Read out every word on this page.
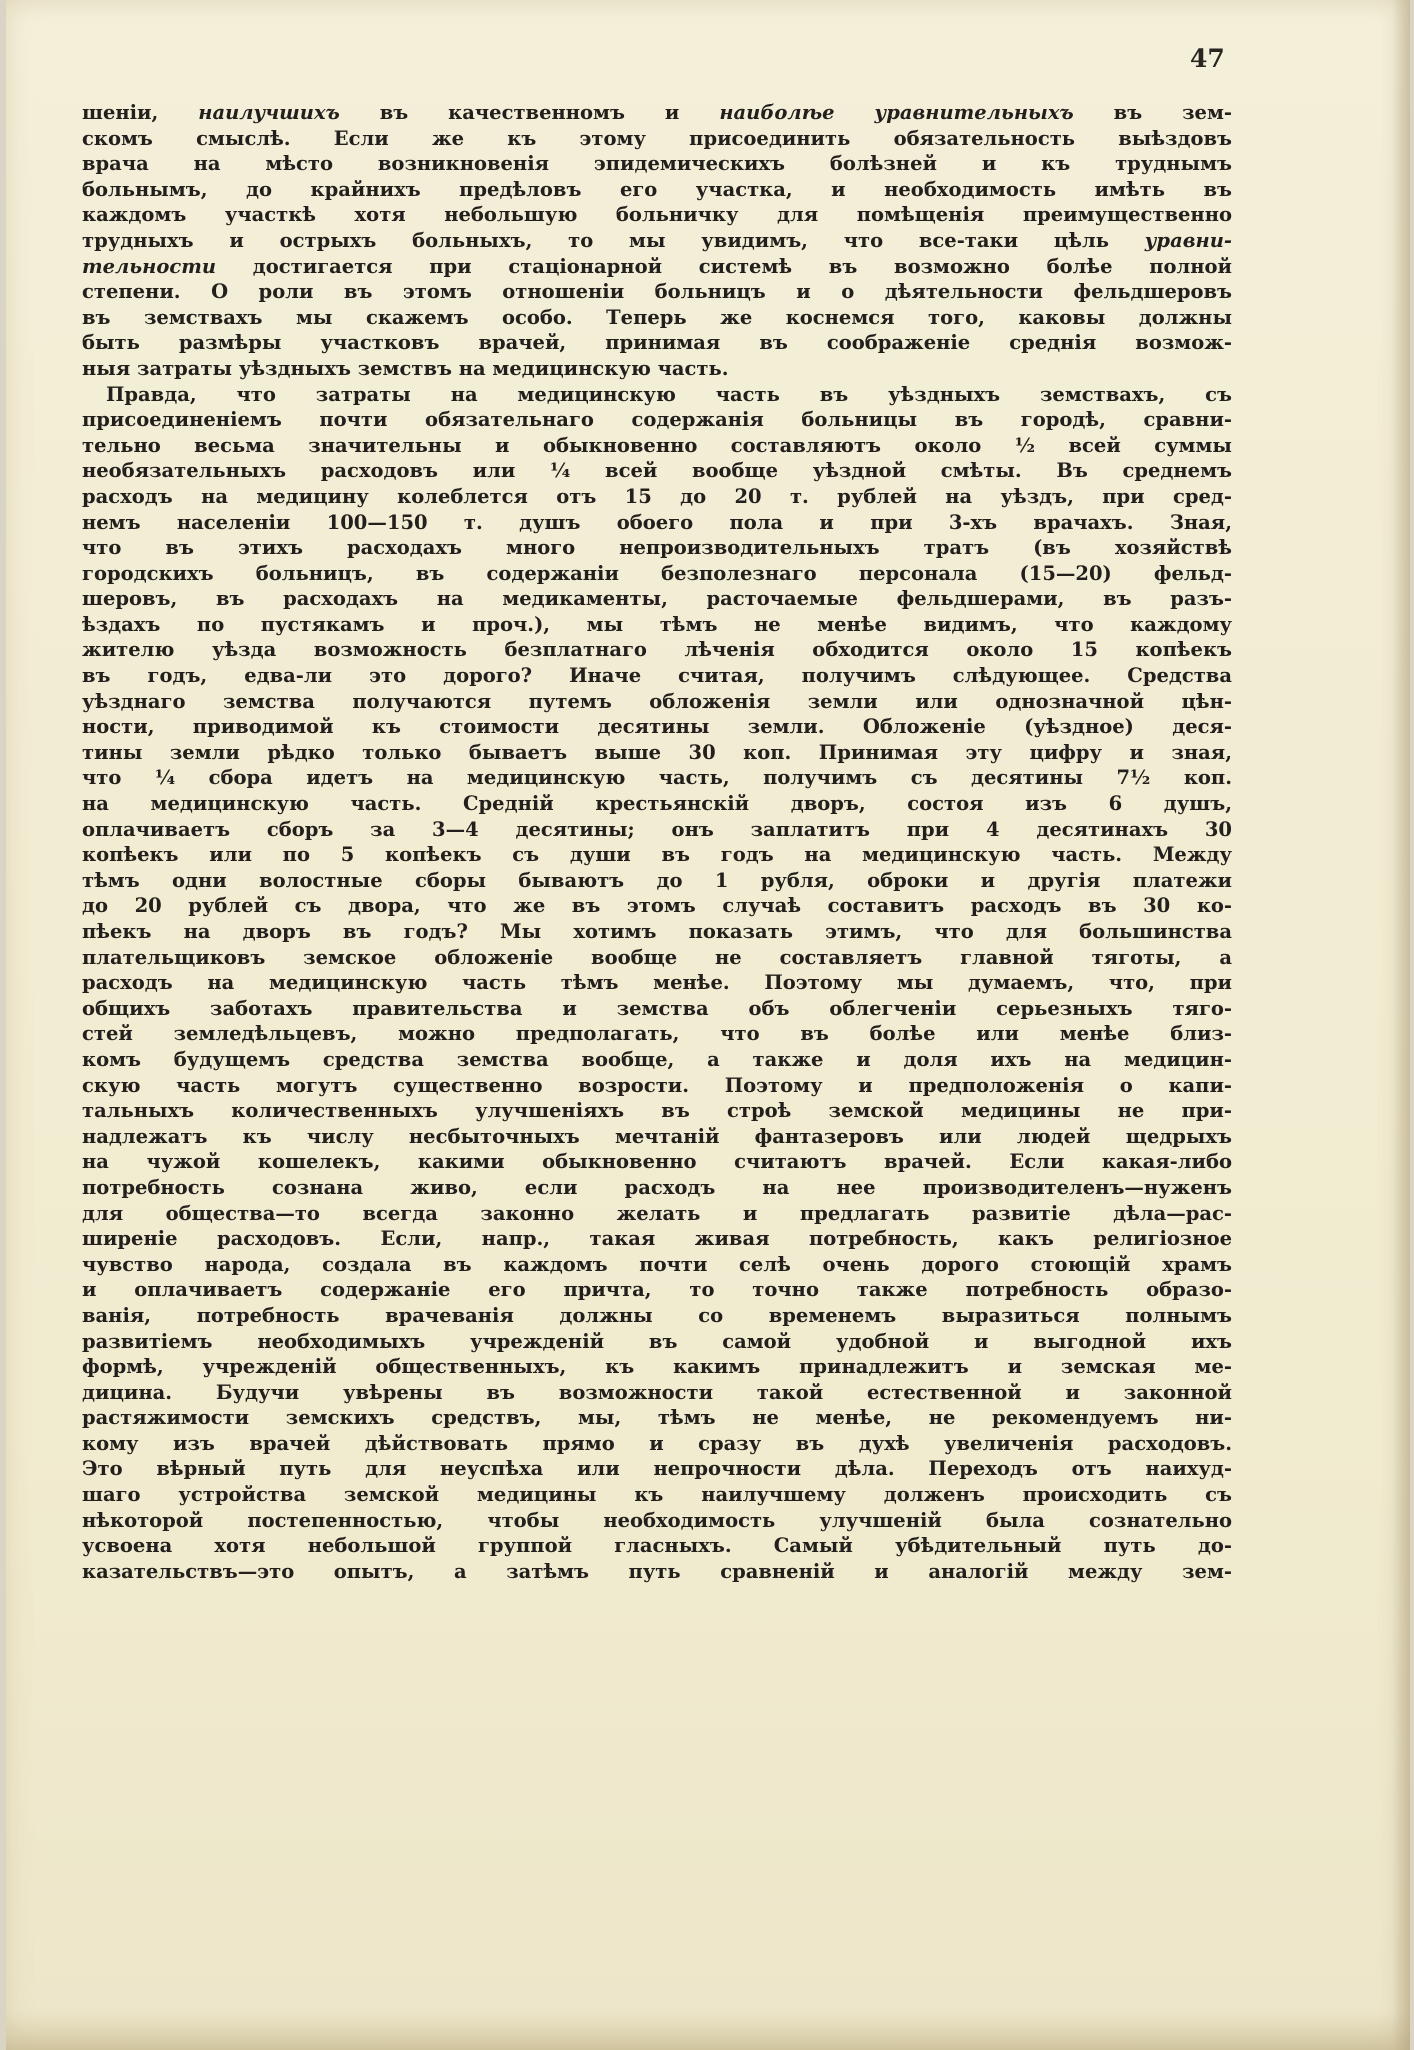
47
шеніи, наилучшихъ въ качественномъ и наиболѣе уравнительныхъ въ зем-
скомъ смыслѣ. Если же къ этому присоединить обязательность выѣздовъ
врача на мѣсто возникновенія эпидемическихъ болѣзней и къ труднымъ
больнымъ, до крайнихъ предѣловъ его участка, и необходимость имѣть въ
каждомъ участкѣ хотя небольшую больничку для помѣщенія преимущественно
трудныхъ и острыхъ больныхъ, то мы увидимъ, что все-таки цѣль уравни-
тельности достигается при стаціонарной системѣ въ возможно болѣе полной
степени. О роли въ этомъ отношеніи больницъ и о дѣятельности фельдшеровъ
въ земствахъ мы скажемъ особо. Теперь же коснемся того, каковы должны
быть размѣры участковъ врачей, принимая въ соображеніе среднія возмож-
ныя затраты уѣздныхъ земствъ на медицинскую часть.
Правда, что затраты на медицинскую часть въ уѣздныхъ земствахъ, съ
присоединеніемъ почти обязательнаго содержанія больницы въ городѣ, сравни-
тельно весьма значительны и обыкновенно составляютъ около ½ всей суммы
необязательныхъ расходовъ или ¼ всей вообще уѣздной смѣты. Въ среднемъ
расходъ на медицину колеблется отъ 15 до 20 т. рублей на уѣздъ, при сред-
немъ населеніи 100—150 т. душъ обоего пола и при 3-хъ врачахъ. Зная,
что въ этихъ расходахъ много непроизводительныхъ тратъ (въ хозяйствѣ
городскихъ больницъ, въ содержаніи безполезнаго персонала (15—20) фельд-
шеровъ, въ расходахъ на медикаменты, расточаемые фельдшерами, въ разъ-
ѣздахъ по пустякамъ и проч.), мы тѣмъ не менѣе видимъ, что каждому
жителю уѣзда возможность безплатнаго лѣченія обходится около 15 копѣекъ
въ годъ, едва-ли это дорого? Иначе считая, получимъ слѣдующее. Средства
уѣзднаго земства получаются путемъ обложенія земли или однозначной цѣн-
ности, приводимой къ стоимости десятины земли. Обложеніе (уѣздное) деся-
тины земли рѣдко только бываетъ выше 30 коп. Принимая эту цифру и зная,
что ¼ сбора идетъ на медицинскую часть, получимъ съ десятины 7½ коп.
на медицинскую часть. Средній крестьянскій дворъ, состоя изъ 6 душъ,
оплачиваетъ сборъ за 3—4 десятины; онъ заплатитъ при 4 десятинахъ 30
копѣекъ или по 5 копѣекъ съ души въ годъ на медицинскую часть. Между
тѣмъ одни волостные сборы бываютъ до 1 рубля, оброки и другія платежи
до 20 рублей съ двора, что же въ этомъ случаѣ составитъ расходъ въ 30 ко-
пѣекъ на дворъ въ годъ? Мы хотимъ показать этимъ, что для большинства
плательщиковъ земское обложеніе вообще не составляетъ главной тяготы, а
расходъ на медицинскую часть тѣмъ менѣе. Поэтому мы думаемъ, что, при
общихъ заботахъ правительства и земства объ облегченіи серьезныхъ тяго-
стей земледѣльцевъ, можно предполагать, что въ болѣе или менѣе близ-
комъ будущемъ средства земства вообще, а также и доля ихъ на медицин-
скую часть могутъ существенно возрости. Поэтому и предположенія о капи-
тальныхъ количественныхъ улучшеніяхъ въ строѣ земской медицины не при-
надлежатъ къ числу несбыточныхъ мечтаній фантазеровъ или людей щедрыхъ
на чужой кошелекъ, какими обыкновенно считаютъ врачей. Если какая-либо
потребность сознана живо, если расходъ на нее производителенъ—нуженъ
для общества—то всегда законно желать и предлагать развитіе дѣла—рас-
ширеніе расходовъ. Если, напр., такая живая потребность, какъ религіозное
чувство народа, создала въ каждомъ почти селѣ очень дорого стоющій храмъ
и оплачиваетъ содержаніе его причта, то точно также потребность образо-
ванія, потребность врачеванія должны со временемъ выразиться полнымъ
развитіемъ необходимыхъ учрежденій въ самой удобной и выгодной ихъ
формѣ, учрежденій общественныхъ, къ какимъ принадлежитъ и земская ме-
дицина. Будучи увѣрены въ возможности такой естественной и законной
растяжимости земскихъ средствъ, мы, тѣмъ не менѣе, не рекомендуемъ ни-
кому изъ врачей дѣйствовать прямо и сразу въ духѣ увеличенія расходовъ.
Это вѣрный путь для неуспѣха или непрочности дѣла. Переходъ отъ наихуд-
шаго устройства земской медицины къ наилучшему долженъ происходить съ
нѣкоторой постепенностью, чтобы необходимость улучшеній была сознательно
усвоена хотя небольшой группой гласныхъ. Самый убѣдительный путь до-
казательствъ—это опытъ, а затѣмъ путь сравненій и аналогій между зем-
